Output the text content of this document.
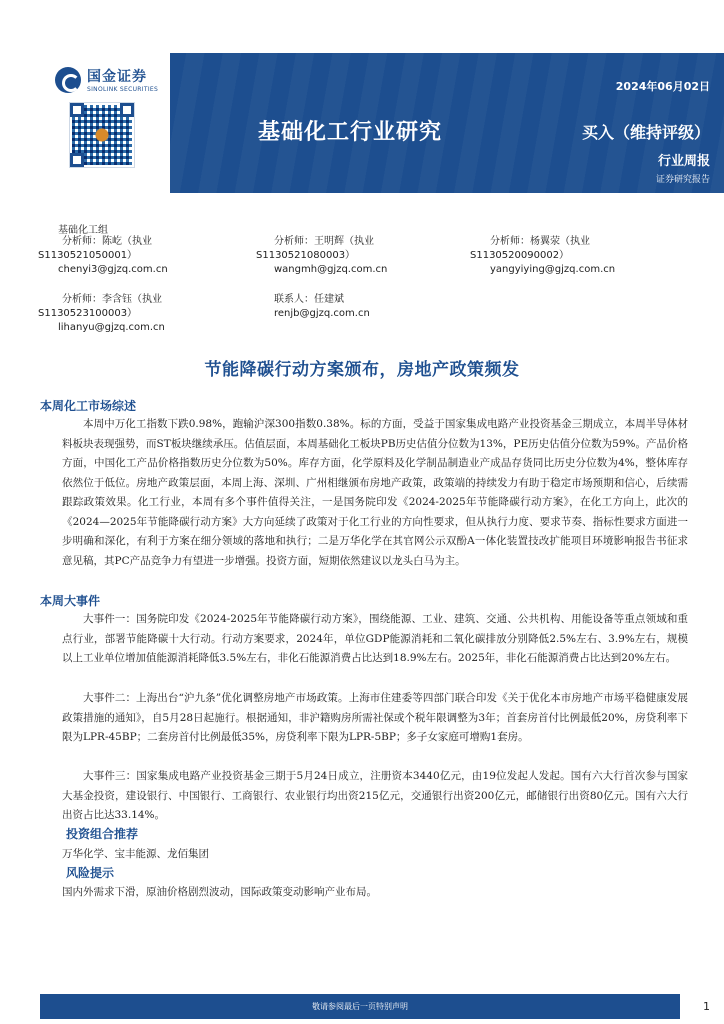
国金证券
SINOLINK SECURITIES	2024年06月02日
基础化工行业研究	买入（维持评级）
行业周报
证券研究报告
基础化工组
分析师：陈屹（执业
S1130521050001）
chenyi3@gjzq.com.cn
分析师：王明辉（执业
S1130521080003）
wangmh@gjzq.com.cn
分析师：杨翼荥（执业
S1130520090002）
yangyiying@gjzq.com.cn
分析师：李含钰（执业
S1130523100003）
lihanyu@gjzq.com.cn
联系人：任建斌
renjb@gjzq.com.cn
节能降碳行动方案颁布，房地产政策频发
本周化工市场综述
本周中万化工指数下跌0.98%，跑输沪深300指数0.38%。标的方面，受益于国家集成电路产业投资基金三期成立，本周半导体材料板块表现强势，而ST板块继续承压。估值层面，本周基础化工板块PB历史估值分位数为13%，PE历史估值分位数为59%。产品价格方面，中国化工产品价格指数历史分位数为50%。库存方面，化学原料及化学制品制造业产成品存货同比历史分位数为4%，整体库存依然位于低位。房地产政策层面，本周上海、深圳、广州相继颁布房地产政策，政策端的持续发力有助于稳定市场预期和信心，后续需跟踪政策效果。化工行业，本周有多个事件值得关注，一是国务院印发《2024-2025年节能降碳行动方案》，在化工方向上，此次的《2024—2025年节能降碳行动方案》大方向延续了政策对于化工行业的方向性要求，但从执行力度、要求节奏、指标性要求方面进一步明确和深化，有利于方案在细分领域的落地和执行；二是万华化学在其官网公示双酚A一体化装置技改扩能项目环境影响报告书征求意见稿，其PC产品竞争力有望进一步增强。投资方面，短期依然建议以龙头白马为主。
本周大事件
大事件一：国务院印发《2024-2025年节能降碳行动方案》，围绕能源、工业、建筑、交通、公共机构、用能设备等重点领域和重点行业，部署节能降碳十大行动。行动方案要求，2024年，单位GDP能源消耗和二氧化碳排放分别降低2.5%左右、3.9%左右，规模以上工业单位增加值能源消耗降低3.5%左右，非化石能源消费占比达到18.9%左右。2025年，非化石能源消费占比达到20%左右。
大事件二：上海出台“沪九条”优化调整房地产市场政策。上海市住建委等四部门联合印发《关于优化本市房地产市场平稳健康发展政策措施的通知》，自5月28日起施行。根据通知，非沪籍购房所需社保或个税年限调整为3年；首套房首付比例最低20%，房贷利率下限为LPR-45BP；二套房首付比例最低35%，房贷利率下限为LPR-5BP；多子女家庭可增购1套房。
大事件三：国家集成电路产业投资基金三期于5月24日成立，注册资本3440亿元，由19位发起人发起。国有六大行首次参与国家大基金投资，建设银行、中国银行、工商银行、农业银行均出资215亿元，交通银行出资200亿元，邮储银行出资80亿元。国有六大行出资占比达33.14%。
投资组合推荐
万华化学、宝丰能源、龙佰集团
风险提示
国内外需求下滑，原油价格剧烈波动，国际政策变动影响产业布局。
敬请参阅最后一页特别声明	1
